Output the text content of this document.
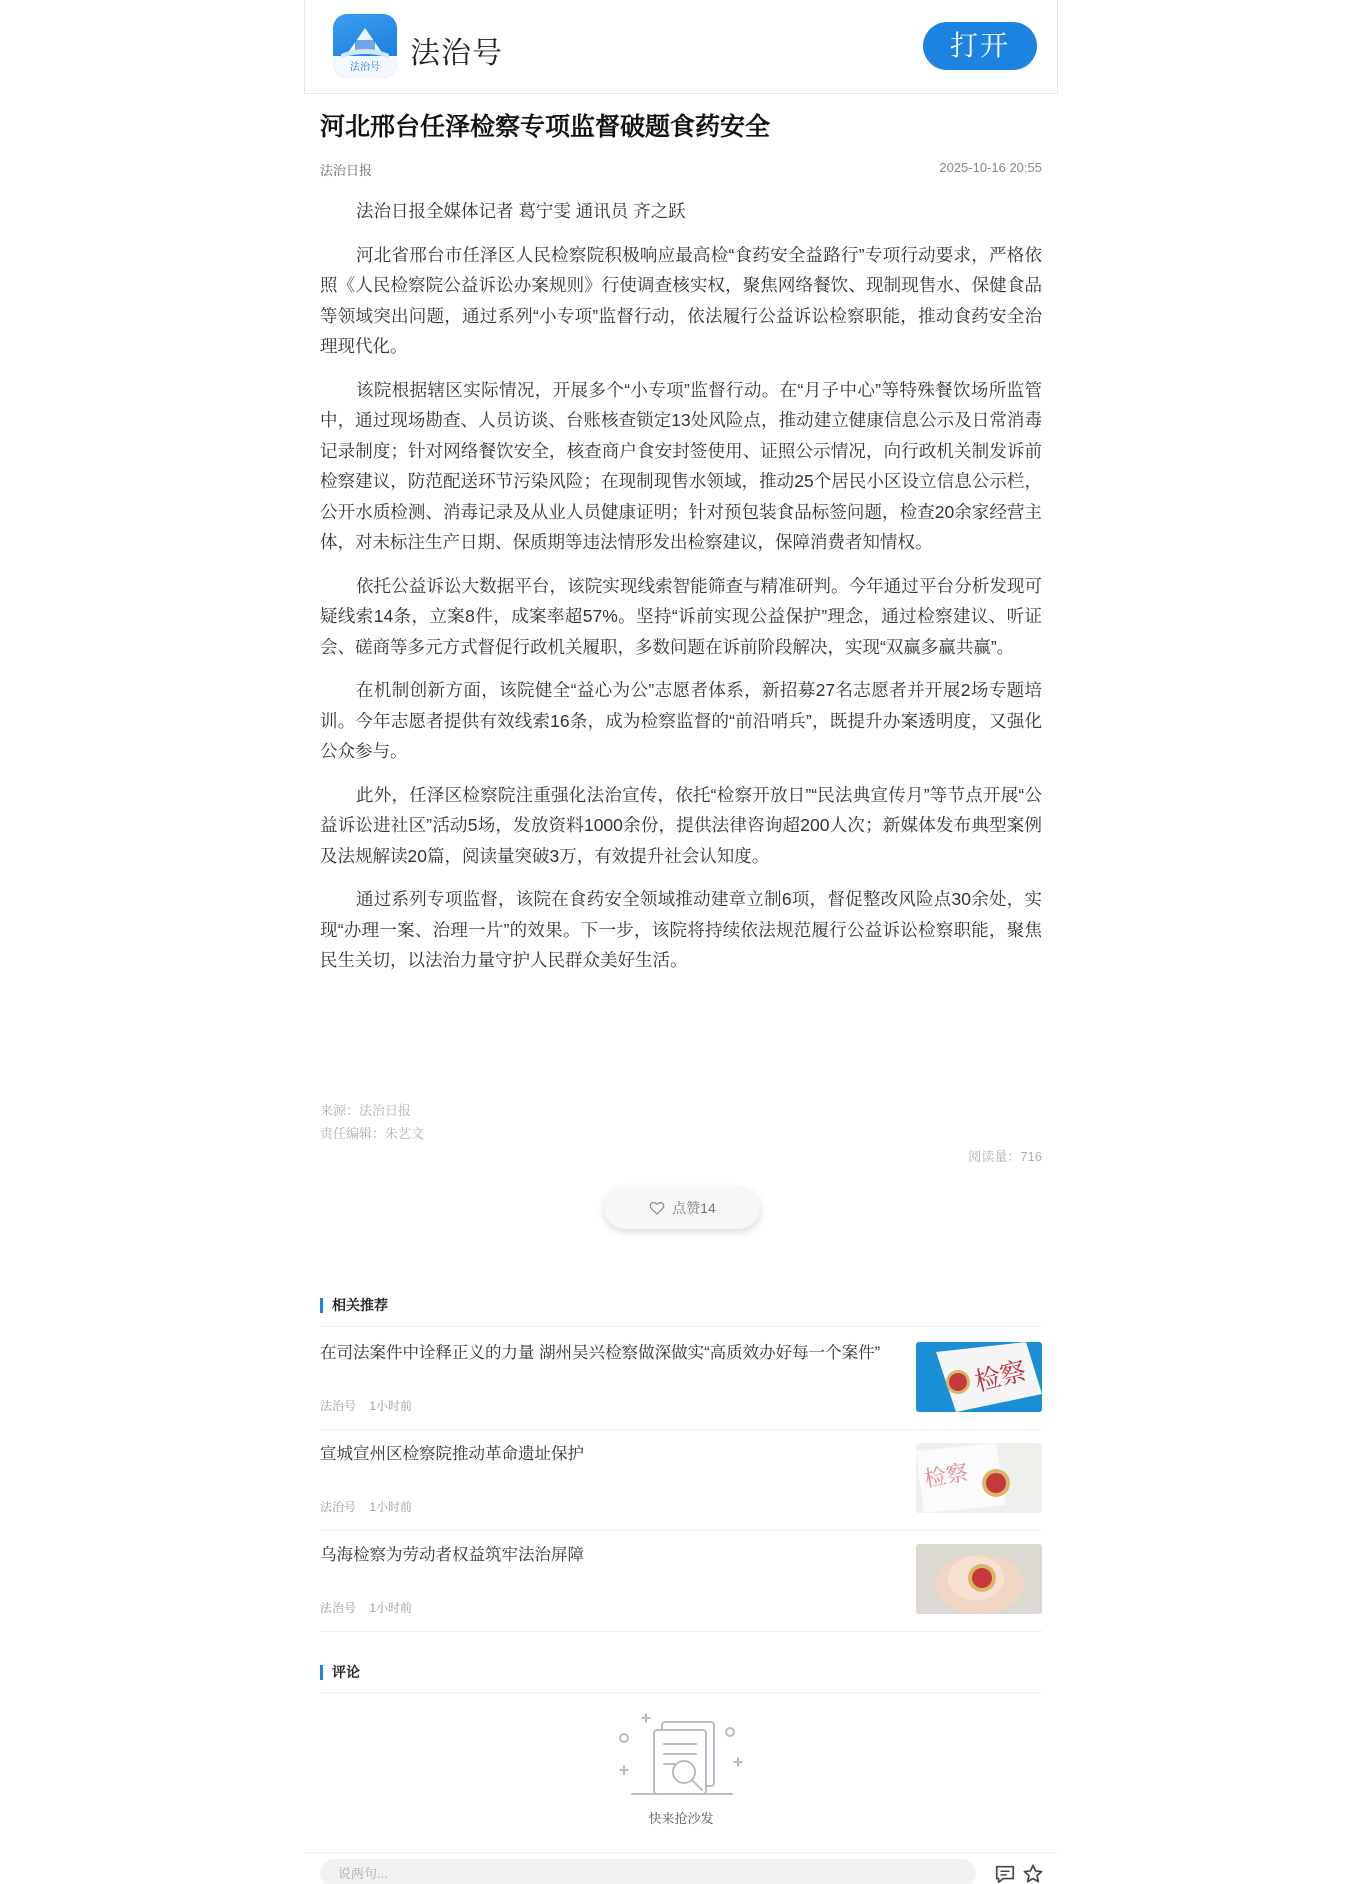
法治号	法治号	打开
河北邢台任泽检察专项监督破题食药安全
法治日报	2025-10-16 20:55

法治日报全媒体记者 葛宁雯 通讯员 齐之跃

河北省邢台市任泽区人民检察院积极响应最高检“食药安全益路行”专项行动要求，严格依照《人民检察院公益诉讼办案规则》行使调查核实权，聚焦网络餐饮、现制现售水、保健食品等领域突出问题，通过系列“小专项”监督行动，依法履行公益诉讼检察职能，推动食药安全治理现代化。

该院根据辖区实际情况，开展多个“小专项”监督行动。在“月子中心”等特殊餐饮场所监管中，通过现场勘查、人员访谈、台账核查锁定13处风险点，推动建立健康信息公示及日常消毒记录制度；针对网络餐饮安全，核查商户食安封签使用、证照公示情况，向行政机关制发诉前检察建议，防范配送环节污染风险；在现制现售水领域，推动25个居民小区设立信息公示栏，公开水质检测、消毒记录及从业人员健康证明；针对预包装食品标签问题，检查20余家经营主体，对未标注生产日期、保质期等违法情形发出检察建议，保障消费者知情权。

依托公益诉讼大数据平台，该院实现线索智能筛查与精准研判。今年通过平台分析发现可疑线索14条，立案8件，成案率超57%。坚持“诉前实现公益保护”理念，通过检察建议、听证会、磋商等多元方式督促行政机关履职，多数问题在诉前阶段解决，实现“双赢多赢共赢”。

在机制创新方面，该院健全“益心为公”志愿者体系，新招募27名志愿者并开展2场专题培训。今年志愿者提供有效线索16条，成为检察监督的“前沿哨兵”，既提升办案透明度，又强化公众参与。

此外，任泽区检察院注重强化法治宣传，依托“检察开放日”“民法典宣传月”等节点开展“公益诉讼进社区”活动5场，发放资料1000余份，提供法律咨询超200人次；新媒体发布典型案例及法规解读20篇，阅读量突破3万，有效提升社会认知度。

通过系列专项监督，该院在食药安全领域推动建章立制6项，督促整改风险点30余处，实现“办理一案、治理一片”的效果。下一步，该院将持续依法规范履行公益诉讼检察职能，聚焦民生关切，以法治力量守护人民群众美好生活。

来源：法治日报
责任编辑：朱艺文
阅读量：716
点赞14
相关推荐
在司法案件中诠释正义的力量 湖州吴兴检察做深做实“高质效办好每一个案件”
法治号 1小时前
检察
宣城宣州区检察院推动革命遗址保护
法治号 1小时前
检察
乌海检察为劳动者权益筑牢法治屏障
法治号 1小时前
评论
快来抢沙发
说两句...
